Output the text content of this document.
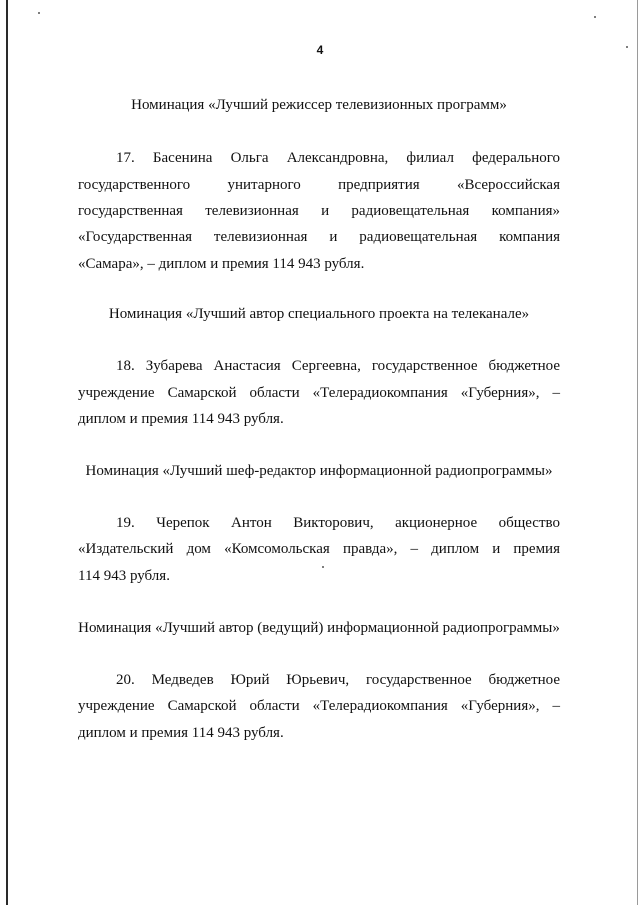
4
Номинация «Лучший режиссер телевизионных программ»
17. Басенина Ольга Александровна, филиал федерального
государственного унитарного предприятия «Всероссийская
государственная телевизионная и радиовещательная компания»
«Государственная телевизионная и радиовещательная компания
«Самара», – диплом и премия 114 943 рубля.
Номинация «Лучший автор специального проекта на телеканале»
18. Зубарева Анастасия Сергеевна, государственное бюджетное
учреждение Самарской области «Телерадиокомпания «Губерния», –
диплом и премия 114 943 рубля.
Номинация «Лучший шеф-редактор информационной радиопрограммы»
19. Черепок Антон Викторович, акционерное общество
«Издательский дом «Комсомольская правда», – диплом и премия
114 943 рубля.
Номинация «Лучший автор (ведущий) информационной радиопрограммы»
20. Медведев Юрий Юрьевич, государственное бюджетное
учреждение Самарской области «Телерадиокомпания «Губерния», –
диплом и премия 114 943 рубля.
